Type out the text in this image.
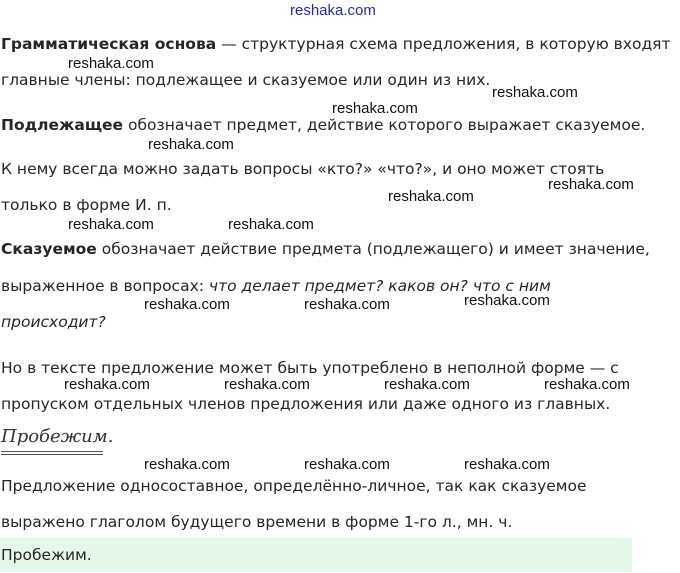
reshaka.com
Грамматическая основа — структурная схема предложения, в которую входят
reshaka.com
главные члены: подлежащее и сказуемое или один из них.
reshaka.com
reshaka.com
Подлежащее обозначает предмет, действие которого выражает сказуемое.
reshaka.com
К нему всегда можно задать вопросы «кто?» «что?», и оно может стоять
reshaka.com
reshaka.com
только в форме И. п.
reshaka.com	reshaka.com
Сказуемое обозначает действие предмета (подлежащего) и имеет значение,
выраженное в вопросах: что делает предмет? каков он? что с ним
reshaka.com
reshaka.com	reshaka.com
происходит?
Но в тексте предложение может быть употреблено в неполной форме — с
reshaka.com	reshaka.com	reshaka.com	reshaka.com
пропуском отдельных членов предложения или даже одного из главных.
Пробежим.
reshaka.com	reshaka.com	reshaka.com
Предложение односоставное, определённо-личное, так как сказуемое
выражено глаголом будущего времени в форме 1-го л., мн. ч.
Пробежим.
